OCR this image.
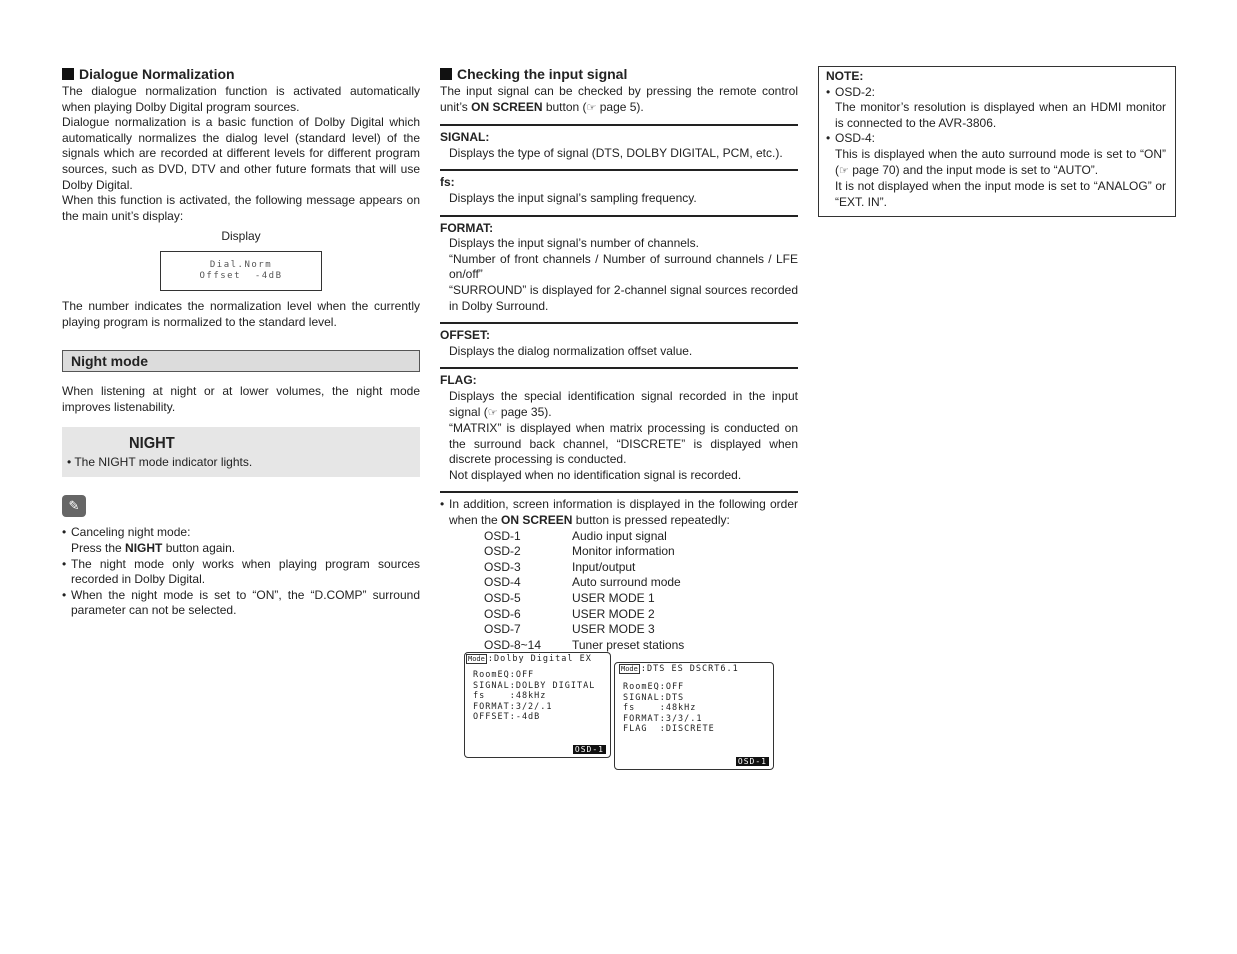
Dialogue Normalization

The dialogue normalization function is activated automatically when playing Dolby Digital program sources.

Dialogue normalization is a basic function of Dolby Digital which automatically normalizes the dialog level (standard level) of the signals which are recorded at different levels for different program sources, such as DVD, DTV and other future formats that will use Dolby Digital.

When this function is activated, the following message appears on the main unit’s display:

Display

Dial.Norm
Offset  -4dB

The number indicates the normalization level when the currently playing program is normalized to the standard level.

Night mode

When listening at night or at lower volumes, the night mode improves listenability.

NIGHT
• The NIGHT mode indicator lights.
✎
• Canceling night mode:
Press the NIGHT button again.
• The night mode only works when playing program sources recorded in Dolby Digital.
• When the night mode is set to “ON”, the “D.COMP” surround parameter can not be selected.
Checking the input signal

The input signal can be checked by pressing the remote control unit’s ON SCREEN button (☞ page 5).

SIGNAL:

Displays the type of signal (DTS, DOLBY DIGITAL, PCM, etc.).

fs:

Displays the input signal’s sampling frequency.

FORMAT:

Displays the input signal’s number of channels.

“Number of front channels / Number of surround channels / LFE on/off”

“SURROUND” is displayed for 2-channel signal sources recorded in Dolby Surround.

OFFSET:

Displays the dialog normalization offset value.

FLAG:

Displays the special identification signal recorded in the input signal (☞ page 35).

“MATRIX” is displayed when matrix processing is conducted on the surround back channel, “DISCRETE” is displayed when discrete processing is conducted.

Not displayed when no identification signal is recorded.

• In addition, screen information is displayed in the following order when the ON SCREEN button is pressed repeatedly:
OSD-1	Audio input signal
OSD-2	Monitor information
OSD-3	Input/output
OSD-4	Auto surround mode
OSD-5	USER MODE 1
OSD-6	USER MODE 2
OSD-7	USER MODE 3
OSD-8~14	Tuner preset stations
Mode :Dolby Digital EX
RoomEQ:OFF
SIGNAL:DOLBY DIGITAL
fs    :48kHz
FORMAT:3/2/.1
OFFSET:-4dB
OSD-1
Mode :DTS ES DSCRT6.1
RoomEQ:OFF
SIGNAL:DTS
fs    :48kHz
FORMAT:3/3/.1
FLAG  :DISCRETE
OSD-1
NOTE:
• OSD-2:

The monitor’s resolution is displayed when an HDMI monitor is connected to the AVR-3806.

• OSD-4:

This is displayed when the auto surround mode is set to “ON” (☞ page 70) and the input mode is set to “AUTO”.

It is not displayed when the input mode is set to “ANALOG” or “EXT. IN”.
